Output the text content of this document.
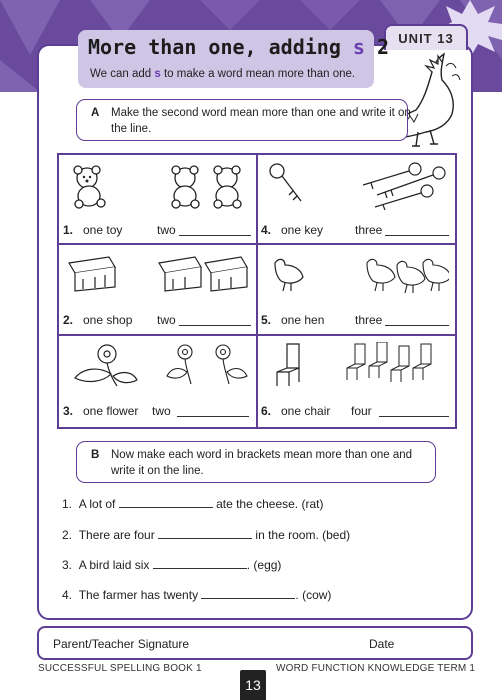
UNIT 13
More than one, adding s 2
We can add s to make a word mean more than one.
A Make the second word mean more than one and write it on the line.
1. one toy	two	4. one key	three
2. one shop two	5. one hen	three
3. one flower two	6. one chair four
B Now make each word in brackets mean more than one and write it on the line.
1. A lot of	ate the cheese. (rat)
2. There are four	in the room. (bed)
3. A bird laid six	. (egg)
4. The farmer has twenty	. (cow)
Parent/Teacher Signature	Date
SUCCESSFUL SPELLING BOOK 1	WORD FUNCTION KNOWLEDGE TERM 1
13
